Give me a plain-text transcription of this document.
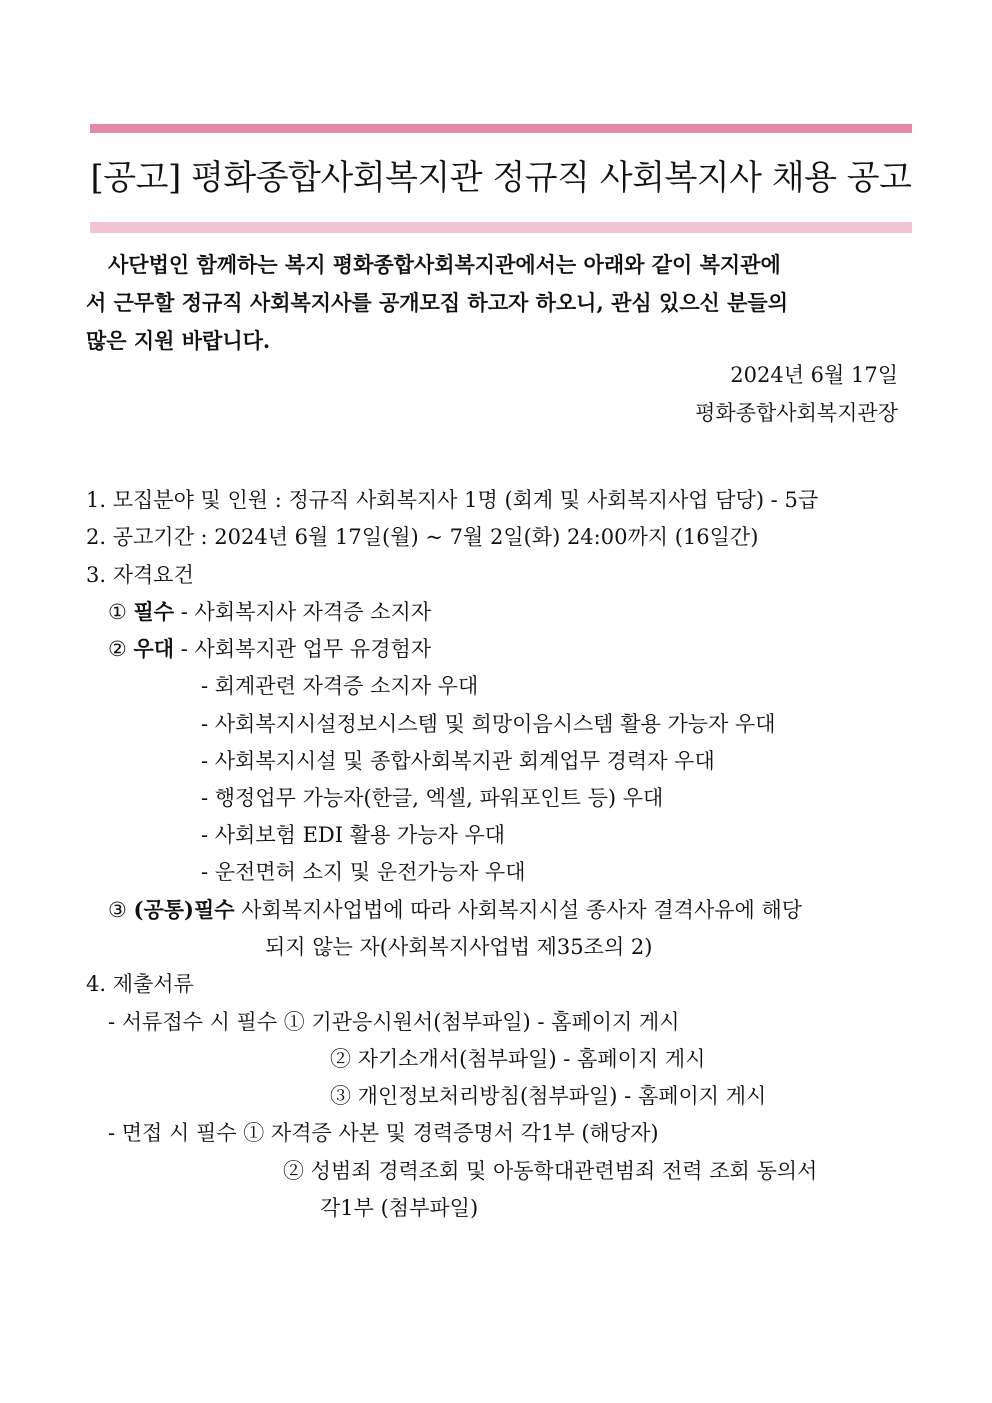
[공고] 평화종합사회복지관 정규직 사회복지사 채용 공고
사단법인 함께하는 복지 평화종합사회복지관에서는 아래와 같이 복지관에
서 근무할 정규직 사회복지사를 공개모집 하고자 하오니, 관심 있으신 분들의
많은 지원 바랍니다.
2024년 6월 17일
평화종합사회복지관장
1. 모집분야 및 인원 : 정규직 사회복지사 1명 (회계 및 사회복지사업 담당) - 5급
2. 공고기간 : 2024년 6월 17일(월) ~ 7월 2일(화) 24:00까지 (16일간)
3. 자격요건
① 필수 - 사회복지사 자격증 소지자
② 우대 - 사회복지관 업무 유경험자
- 회계관련 자격증 소지자 우대
- 사회복지시설정보시스템 및 희망이음시스템 활용 가능자 우대
- 사회복지시설 및 종합사회복지관 회계업무 경력자 우대
- 행정업무 가능자(한글, 엑셀, 파워포인트 등) 우대
- 사회보험 EDI 활용 가능자 우대
- 운전면허 소지 및 운전가능자 우대
③ (공통)필수 사회복지사업법에 따라 사회복지시설 종사자 결격사유에 해당
되지 않는 자(사회복지사업법 제35조의 2)
4. 제출서류
- 서류접수 시 필수 ① 기관응시원서(첨부파일) - 홈페이지 게시
② 자기소개서(첨부파일) - 홈페이지 게시
③ 개인정보처리방침(첨부파일) - 홈페이지 게시
- 면접 시 필수 ① 자격증 사본 및 경력증명서 각1부 (해당자)
② 성범죄 경력조회 및 아동학대관련범죄 전력 조회 동의서
각1부 (첨부파일)
